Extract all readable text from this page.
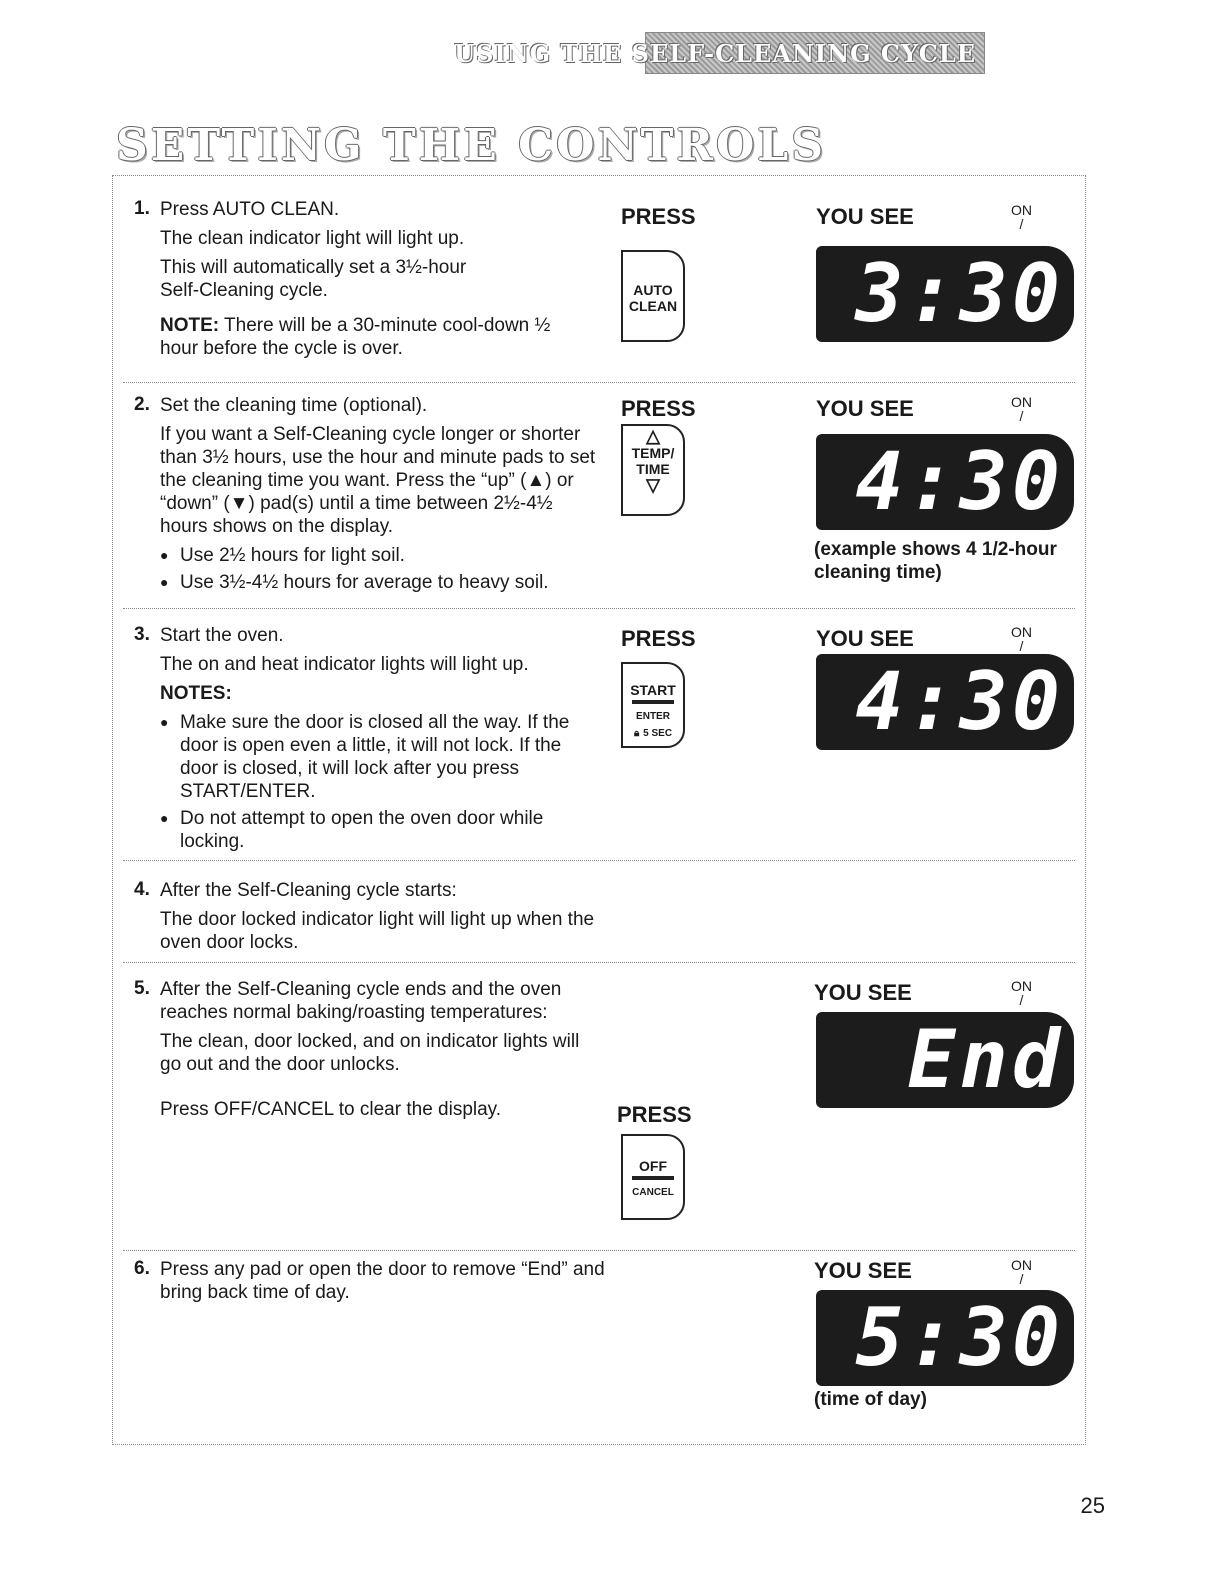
USING THE SELF-CLEANING CYCLE
SETTING THE CONTROLS
1. Press AUTO CLEAN.

The clean indicator light will light up.

This will automatically set a 3½-hour Self-Cleaning cycle.

NOTE: There will be a 30-minute cool-down ½ hour before the cycle is over.

PRESS
AUTO
CLEAN
YOU SEE	ON
/
3:30
2. Set the cleaning time (optional).

If you want a Self-Cleaning cycle longer or shorter than 3½ hours, use the hour and minute pads to set the cleaning time you want. Press the “up” (▲) or “down” (▼) pad(s) until a time between 2½-4½ hours shows on the display.

● Use 2½ hours for light soil.
● Use 3½-4½ hours for average to heavy soil.
PRESS
△
TEMP/
TIME
▽
YOU SEE	ON
/
4:30
(example shows 4 1/2-hour cleaning time)
3. Start the oven.

The on and heat indicator lights will light up.

NOTES:

● Make sure the door is closed all the way. If the door is open even a little, it will not lock. If the door is closed, it will lock after you press START/ENTER.
● Do not attempt to open the oven door while locking.
PRESS
START
ENTER
🔒︎ 5 SEC
YOU SEE	ON
/
4:30
4. After the Self-Cleaning cycle starts:

The door locked indicator light will light up when the oven door locks.

5. After the Self-Cleaning cycle ends and the oven reaches normal baking/roasting temperatures:

The clean, door locked, and on indicator lights will go out and the door unlocks.

Press OFF/CANCEL to clear the display.	PRESS
OFF
CANCEL
YOU SEE	ON
/
End
6. Press any pad or open the door to remove “End” and bring back time of day.

YOU SEE	ON
/
5:30
(time of day)
25
